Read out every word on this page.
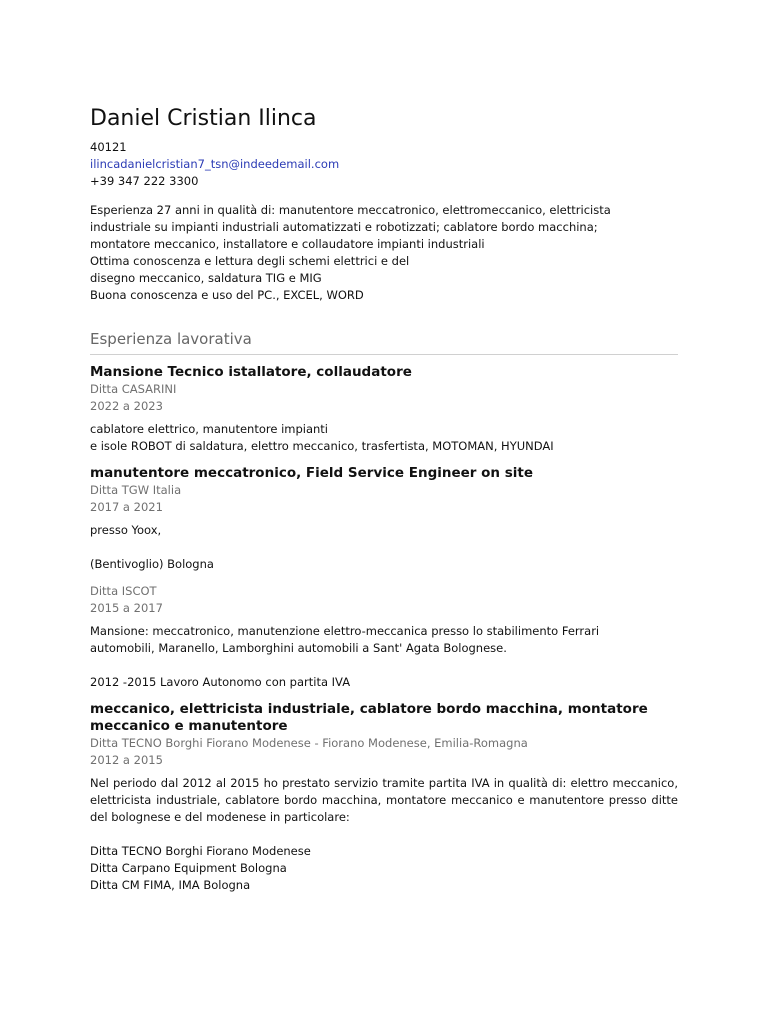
Daniel Cristian Ilinca
40121
ilincadanielcristian7_tsn@indeedemail.com
+39 347 222 3300
Esperienza 27 anni in qualità di: manutentore meccatronico, elettromeccanico, elettricista
industriale su impianti industriali automatizzati e robotizzati; cablatore bordo macchina;
montatore meccanico, installatore e collaudatore impianti industriali
Ottima conoscenza e lettura degli schemi elettrici e del
disegno meccanico, saldatura TIG e MIG
Buona conoscenza e uso del PC., EXCEL, WORD
Esperienza lavorativa
Mansione Tecnico istallatore, collaudatore
Ditta CASARINI
2022 a 2023
cablatore elettrico, manutentore impianti
e isole ROBOT di saldatura, elettro meccanico, trasfertista, MOTOMAN, HYUNDAI
manutentore meccatronico, Field Service Engineer on site
Ditta TGW Italia
2017 a 2021
presso Yoox,
(Bentivoglio) Bologna
Ditta ISCOT
2015 a 2017
Mansione: meccatronico, manutenzione elettro-meccanica presso lo stabilimento Ferrari
automobili, Maranello, Lamborghini automobili a Sant' Agata Bolognese.
2012 -2015 Lavoro Autonomo con partita IVA
meccanico, elettricista industriale, cablatore bordo macchina, montatore meccanico e manutentore
Ditta TECNO Borghi Fiorano Modenese - Fiorano Modenese, Emilia-Romagna
2012 a 2015
Nel periodo dal 2012 al 2015 ho prestato servizio tramite partita IVA in qualità di: elettro meccanico, elettricista industriale, cablatore bordo macchina, montatore meccanico e manutentore presso ditte del bolognese e del modenese in particolare:
Ditta TECNO Borghi Fiorano Modenese
Ditta Carpano Equipment Bologna
Ditta CM FIMA, IMA Bologna
